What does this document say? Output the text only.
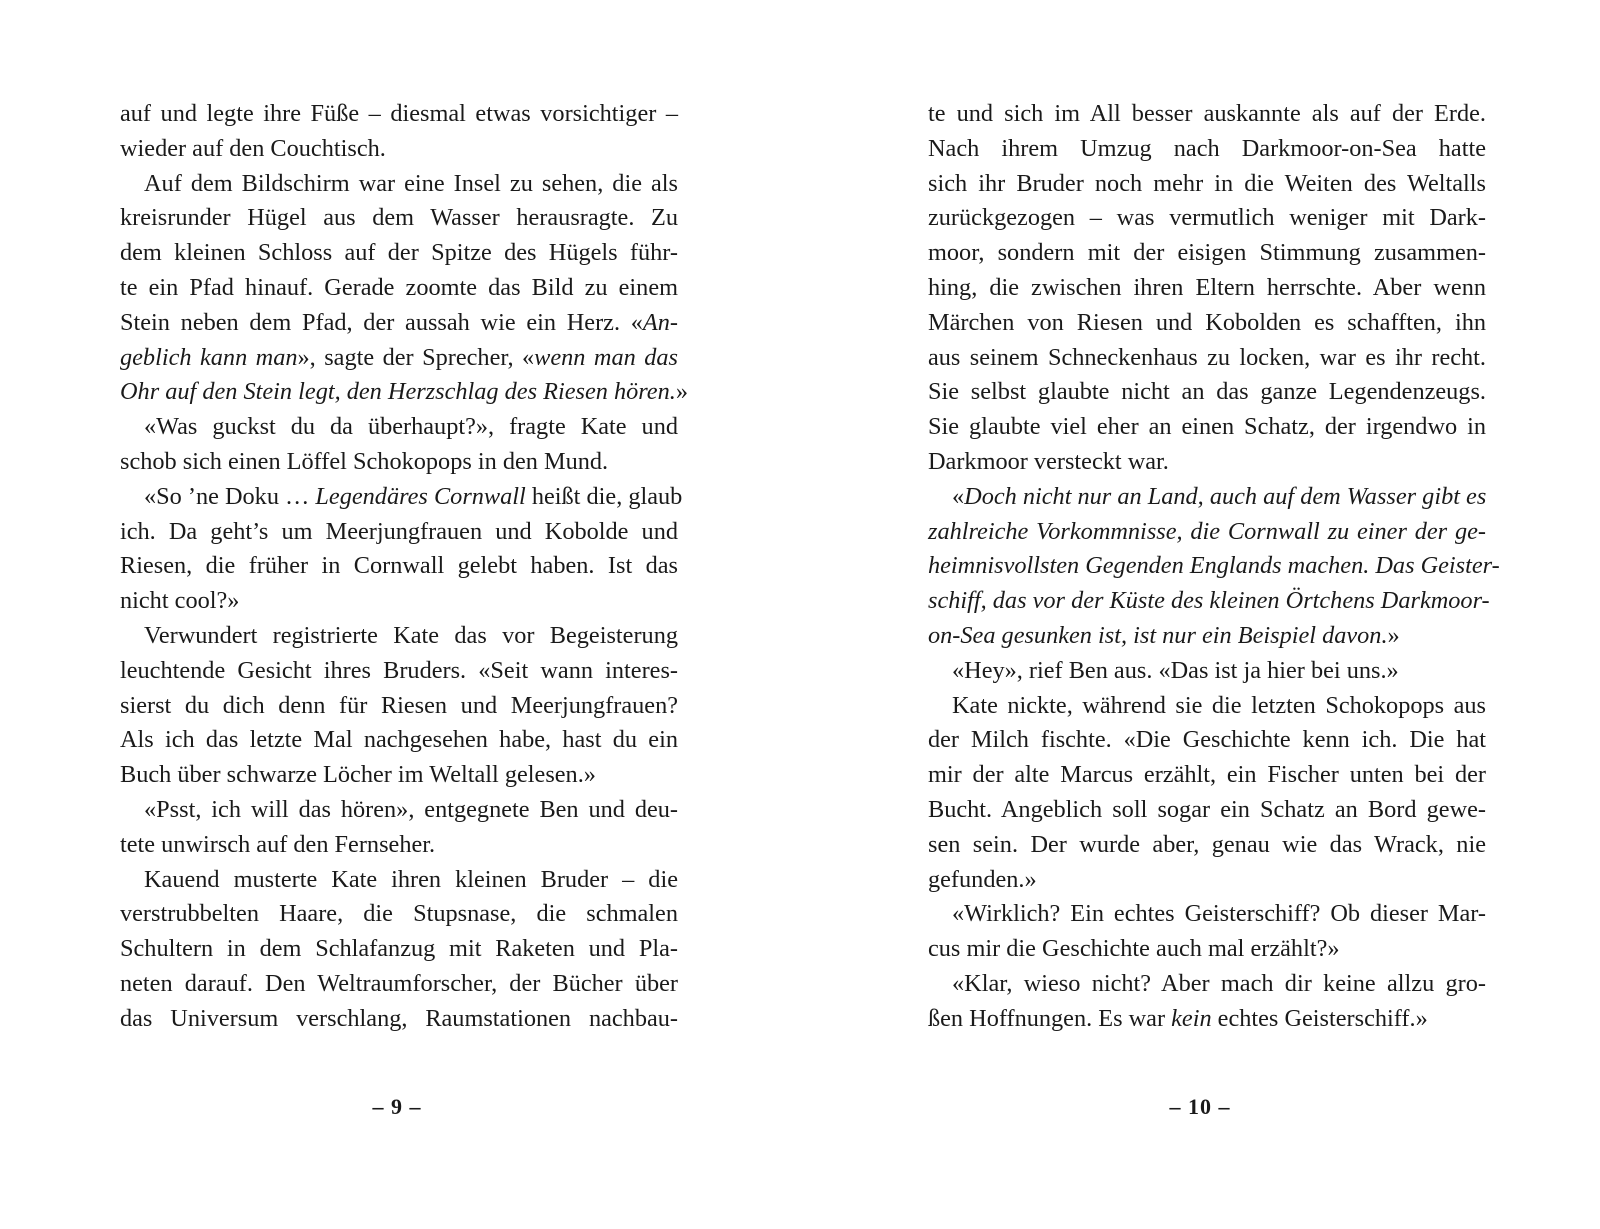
auf und legte ihre Füße – diesmal etwas vorsichtiger –
wieder auf den Couchtisch.
Auf dem Bildschirm war eine Insel zu sehen, die als
kreisrunder Hügel aus dem Wasser herausragte. Zu
dem kleinen Schloss auf der Spitze des Hügels führ-
te ein Pfad hinauf. Gerade zoomte das Bild zu einem
Stein neben dem Pfad, der aussah wie ein Herz. «An-
geblich kann man», sagte der Sprecher, «wenn man das
Ohr auf den Stein legt, den Herzschlag des Riesen hören.»
«Was guckst du da überhaupt?», fragte Kate und
schob sich einen Löffel Schokopops in den Mund.
«So ’ne Doku … Legendäres Cornwall heißt die, glaub
ich. Da geht’s um Meerjungfrauen und Kobolde und
Riesen, die früher in Cornwall gelebt haben. Ist das
nicht cool?»
Verwundert registrierte Kate das vor Begeisterung
leuchtende Gesicht ihres Bruders. «Seit wann interes-
sierst du dich denn für Riesen und Meerjungfrauen?
Als ich das letzte Mal nachgesehen habe, hast du ein
Buch über schwarze Löcher im Weltall gelesen.»
«Psst, ich will das hören», entgegnete Ben und deu-
tete unwirsch auf den Fernseher.
Kauend musterte Kate ihren kleinen Bruder – die
verstrubbelten Haare, die Stupsnase, die schmalen
Schultern in dem Schlafanzug mit Raketen und Pla-
neten darauf. Den Weltraumforscher, der Bücher über
das Universum verschlang, Raumstationen nachbau-
– 9 –
te und sich im All besser auskannte als auf der Erde.
Nach ihrem Umzug nach Darkmoor-on-Sea hatte
sich ihr Bruder noch mehr in die Weiten des Weltalls
zurückgezogen – was vermutlich weniger mit Dark-
moor, sondern mit der eisigen Stimmung zusammen-
hing, die zwischen ihren Eltern herrschte. Aber wenn
Märchen von Riesen und Kobolden es schafften, ihn
aus seinem Schneckenhaus zu locken, war es ihr recht.
Sie selbst glaubte nicht an das ganze Legendenzeugs.
Sie glaubte viel eher an einen Schatz, der irgendwo in
Darkmoor versteckt war.
«Doch nicht nur an Land, auch auf dem Wasser gibt es
zahlreiche Vorkommnisse, die Cornwall zu einer der ge-
heimnisvollsten Gegenden Englands machen. Das Geister-
schiff, das vor der Küste des kleinen Örtchens Darkmoor-
on-Sea gesunken ist, ist nur ein Beispiel davon.»
«Hey», rief Ben aus. «Das ist ja hier bei uns.»
Kate nickte, während sie die letzten Schokopops aus
der Milch fischte. «Die Geschichte kenn ich. Die hat
mir der alte Marcus erzählt, ein Fischer unten bei der
Bucht. Angeblich soll sogar ein Schatz an Bord gewe-
sen sein. Der wurde aber, genau wie das Wrack, nie
gefunden.»
«Wirklich? Ein echtes Geisterschiff? Ob dieser Mar-
cus mir die Geschichte auch mal erzählt?»
«Klar, wieso nicht? Aber mach dir keine allzu gro-
ßen Hoffnungen. Es war kein echtes Geisterschiff.»
– 10 –
